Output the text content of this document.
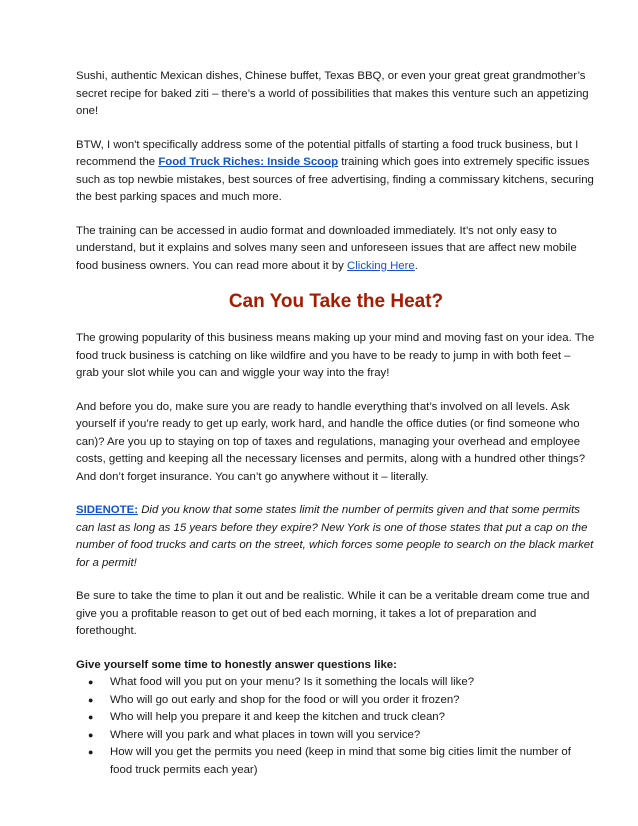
Sushi, authentic Mexican dishes, Chinese buffet, Texas BBQ, or even your great great grandmother’s secret recipe for baked ziti – there’s a world of possibilities that makes this venture such an appetizing one!

BTW, I won't specifically address some of the potential pitfalls of starting a food truck business, but I recommend the Food Truck Riches: Inside Scoop training which goes into extremely specific issues such as top newbie mistakes, best sources of free advertising, finding a commissary kitchens, securing the best parking spaces and much more.

The training can be accessed in audio format and downloaded immediately. It’s not only easy to understand, but it explains and solves many seen and unforeseen issues that are affect new mobile food business owners. You can read more about it by Clicking Here.

Can You Take the Heat?

The growing popularity of this business means making up your mind and moving fast on your idea. The food truck business is catching on like wildfire and you have to be ready to jump in with both feet – grab your slot while you can and wiggle your way into the fray!

And before you do, make sure you are ready to handle everything that’s involved on all levels. Ask yourself if you’re ready to get up early, work hard, and handle the office duties (or find someone who can)? Are you up to staying on top of taxes and regulations, managing your overhead and employee costs, getting and keeping all the necessary licenses and permits, along with a hundred other things? And don’t forget insurance. You can’t go anywhere without it – literally.

SIDENOTE: Did you know that some states limit the number of permits given and that some permits can last as long as 15 years before they expire? New York is one of those states that put a cap on the number of food trucks and carts on the street, which forces some people to search on the black market for a permit!

Be sure to take the time to plan it out and be realistic. While it can be a veritable dream come true and give you a profitable reason to get out of bed each morning, it takes a lot of preparation and forethought.

Give yourself some time to honestly answer questions like:

● What food will you put on your menu? Is it something the locals will like?
● Who will go out early and shop for the food or will you order it frozen?
● Who will help you prepare it and keep the kitchen and truck clean?
● Where will you park and what places in town will you service?
● How will you get the permits you need (keep in mind that some big cities limit the number of food truck permits each year)
